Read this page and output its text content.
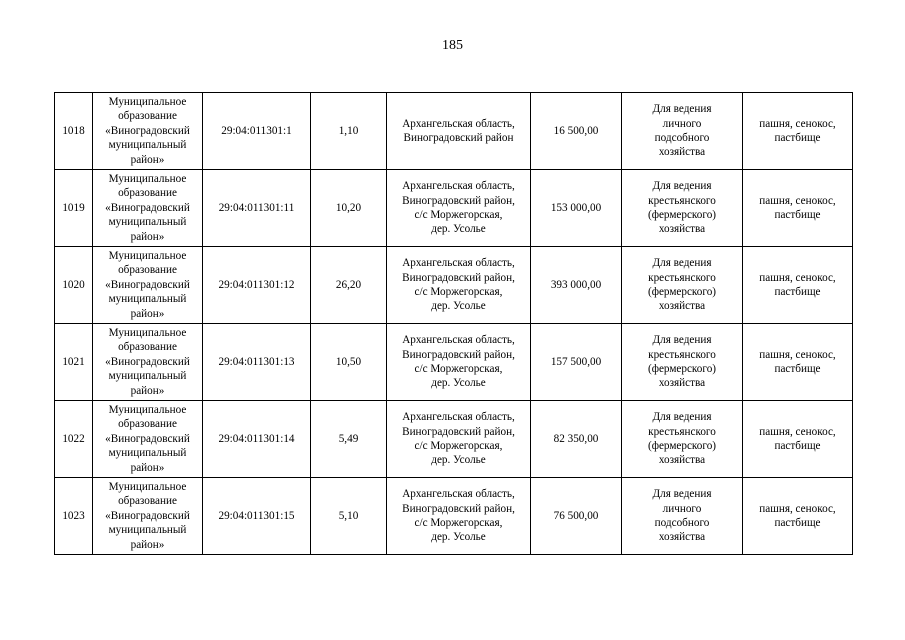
185
1018	Муниципальное
образование
«Виноградовский
муниципальный
район»	29:04:011301:1	1,10	Архангельская область,
Виноградовский район	16 500,00	Для ведения
личного
подсобного
хозяйства	пашня, сенокос,
пастбище

1019	Муниципальное
образование
«Виноградовский
муниципальный
район»	29:04:011301:11	10,20	Архангельская область,
Виноградовский район,
с/с Моржегорская,
дер. Усолье	153 000,00	Для ведения
крестьянского
(фермерского)
хозяйства	пашня, сенокос,
пастбище

1020	Муниципальное
образование
«Виноградовский
муниципальный
район»	29:04:011301:12	26,20	Архангельская область,
Виноградовский район,
с/с Моржегорская,
дер. Усолье	393 000,00	Для ведения
крестьянского
(фермерского)
хозяйства	пашня, сенокос,
пастбище

1021	Муниципальное
образование
«Виноградовский
муниципальный
район»	29:04:011301:13	10,50	Архангельская область,
Виноградовский район,
с/с Моржегорская,
дер. Усолье	157 500,00	Для ведения
крестьянского
(фермерского)
хозяйства	пашня, сенокос,
пастбище

1022	Муниципальное
образование
«Виноградовский
муниципальный
район»	29:04:011301:14	5,49	Архангельская область,
Виноградовский район,
с/с Моржегорская,
дер. Усолье	82 350,00	Для ведения
крестьянского
(фермерского)
хозяйства	пашня, сенокос,
пастбище

1023	Муниципальное
образование
«Виноградовский
муниципальный
район»	29:04:011301:15	5,10	Архангельская область,
Виноградовский район,
с/с Моржегорская,
дер. Усолье	76 500,00	Для ведения
личного
подсобного
хозяйства	пашня, сенокос,
пастбище
